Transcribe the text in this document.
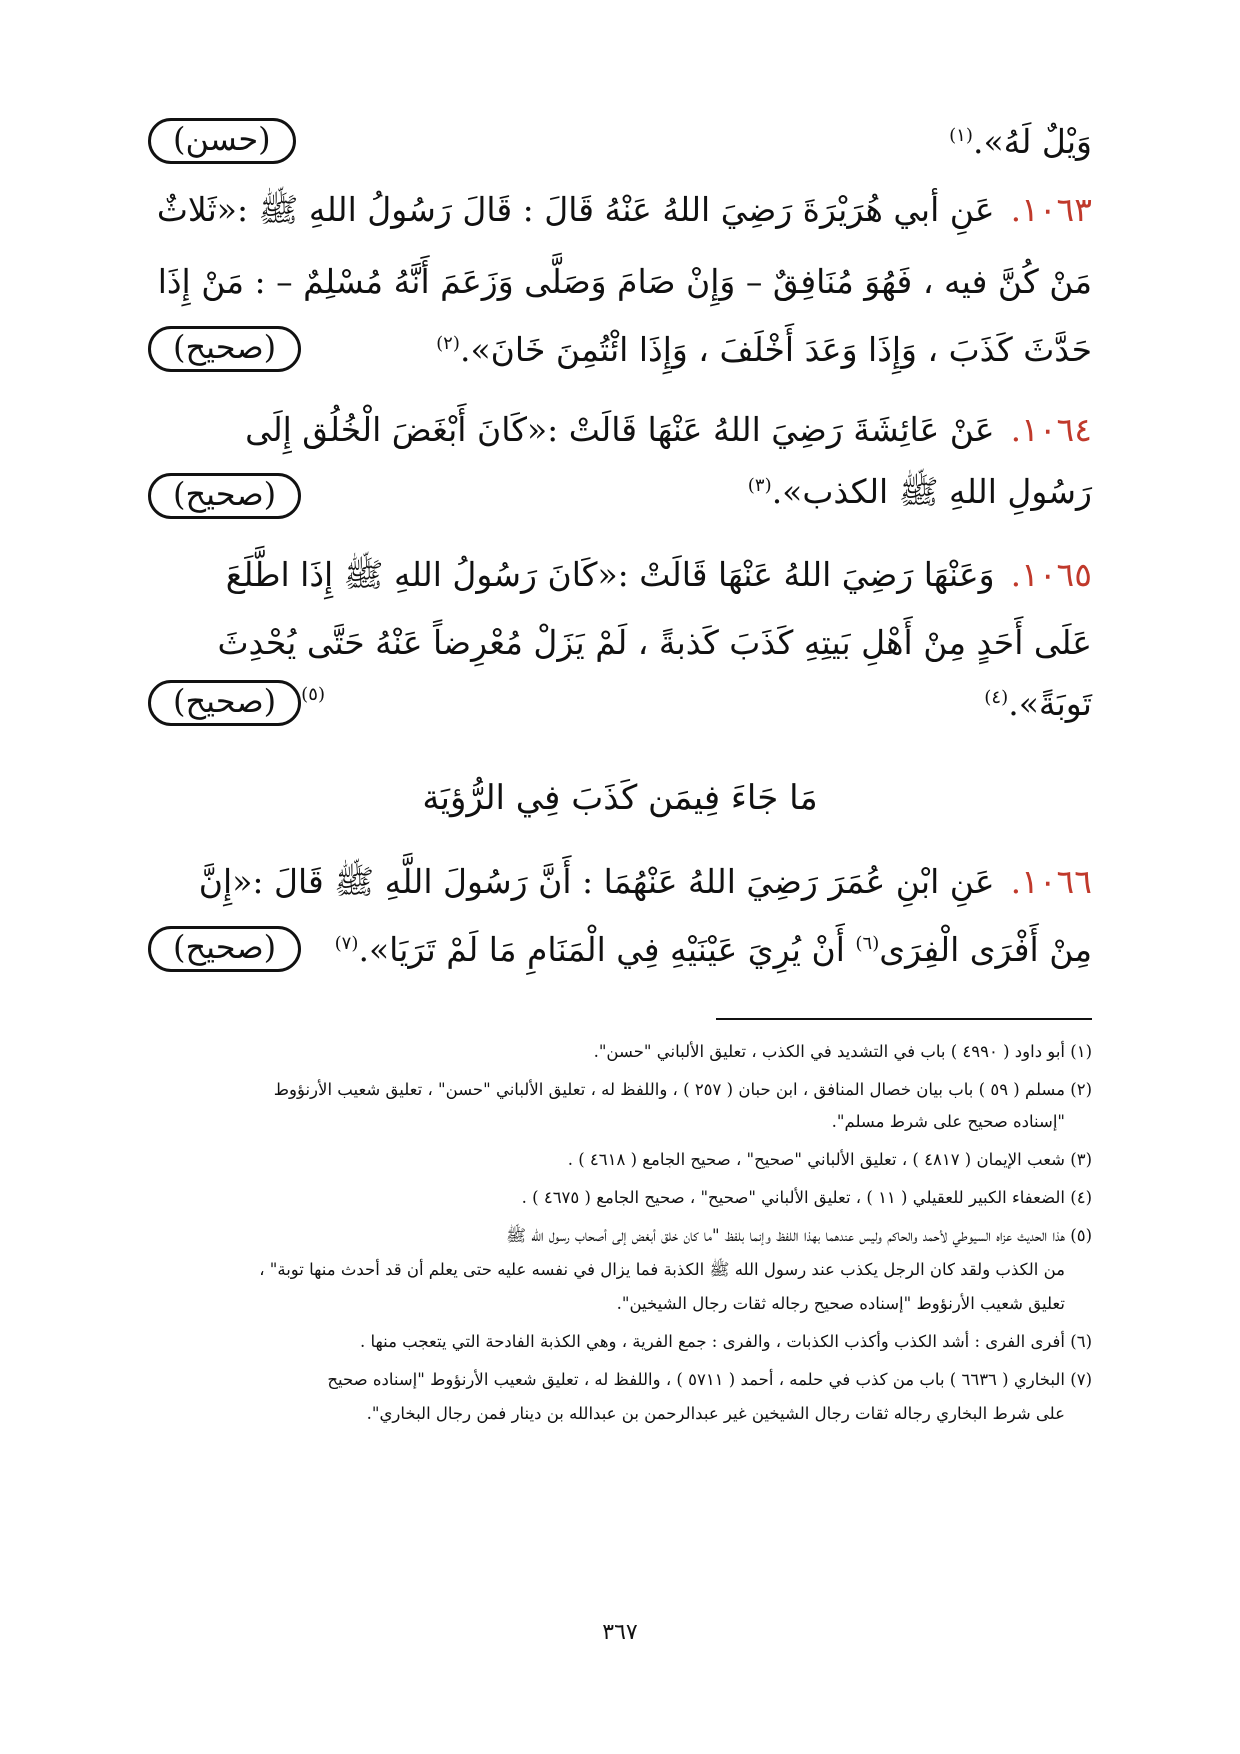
وَيْلٌ لَهُ».$^{(١)}$
(حسن)
١٠٦٣.عَنِ أبي هُرَيْرَةَ رَضِيَ اللهُ عَنْهُ قَالَ : قَالَ رَسُولُ اللهِ ﷺ :«ثَلاثٌ
مَنْ كُنَّ فيه ، فَهُوَ مُنَافِقٌ – وَإِنْ صَامَ وَصَلَّى وَزَعَمَ أَنَّهُ مُسْلِمٌ – : مَنْ إِذَا
حَدَّثَ كَذَبَ ، وَإِذَا وَعَدَ أَخْلَفَ ، وَإِذَا ائْتُمِنَ خَانَ».$^{(٢)}$
(صحيح)
١٠٦٤.عَنْ عَائِشَةَ رَضِيَ اللهُ عَنْهَا قَالَتْ :«كَانَ أَبْغَضَ الْخُلُق إِلَى
رَسُولِ اللهِ ﷺ الكذب».$^{(٣)}$
(صحيح)
١٠٦٥.وَعَنْهَا رَضِيَ اللهُ عَنْهَا قَالَتْ :«كَانَ رَسُولُ اللهِ ﷺ إِذَا اطَّلَعَ
عَلَى أَحَدٍ مِنْ أَهْلِ بَيتِهِ كَذَبَ كَذبةً ، لَمْ يَزَلْ مُعْرِضاً عَنْهُ حَتَّى يُحْدِثَ
تَوبَةً».$^{(٤)}$
$^{(٥)}$(صحيح)
مَا جَاءَ فِيمَن كَذَبَ فِي الرُّؤيَة
١٠٦٦.عَنِ ابْنِ عُمَرَ رَضِيَ اللهُ عَنْهُمَا : أَنَّ رَسُولَ اللَّهِ ﷺ قَالَ :«إِنَّ
مِنْ أَفْرَى الْفِرَى$^{(٦)}$ أَنْ يُرِيَ عَيْنَيْهِ فِي الْمَنَامِ مَا لَمْ تَرَيَا».$^{(٧)}$
(صحيح)
(١) أبو داود ( ٤٩٩٠ ) باب في التشديد في الكذب ، تعليق الألباني "حسن".
(٢) مسلم ( ٥٩ ) باب بيان خصال المنافق ، ابن حبان ( ٢٥٧ ) ، واللفظ له ، تعليق الألباني "حسن" ، تعليق شعيب الأرنؤوط
"إسناده صحيح على شرط مسلم".
(٣) شعب الإيمان ( ٤٨١٧ ) ، تعليق الألباني "صحيح" ، صحيح الجامع ( ٤٦١٨ ) .
(٤) الضعفاء الكبير للعقيلي ( ١١ ) ، تعليق الألباني "صحيح" ، صحيح الجامع ( ٤٦٧٥ ) .
(٥) هذا الحديث عزاه السيوطي لأحمد والحاكم وليس عندهما بهذا اللفظ وإنما بلفظ "ما كان خلق أبغض إلى أصحاب رسول الله ﷺ
من الكذب ولقد كان الرجل يكذب عند رسول الله ﷺ الكذبة فما يزال في نفسه عليه حتى يعلم أن قد أحدث منها توبة" ،
تعليق شعيب الأرنؤوط "إسناده صحيح رجاله ثقات رجال الشيخين".
(٦) أفرى الفرى : أشد الكذب وأكذب الكذبات ، والفرى : جمع الفرية ، وهي الكذبة الفادحة التي يتعجب منها .
(٧) البخاري ( ٦٦٣٦ ) باب من كذب في حلمه ، أحمد ( ٥٧١١ ) ، واللفظ له ، تعليق شعيب الأرنؤوط "إسناده صحيح
على شرط البخاري رجاله ثقات رجال الشيخين غير عبدالرحمن بن عبدالله بن دينار فمن رجال البخاري".
٣٦٧
